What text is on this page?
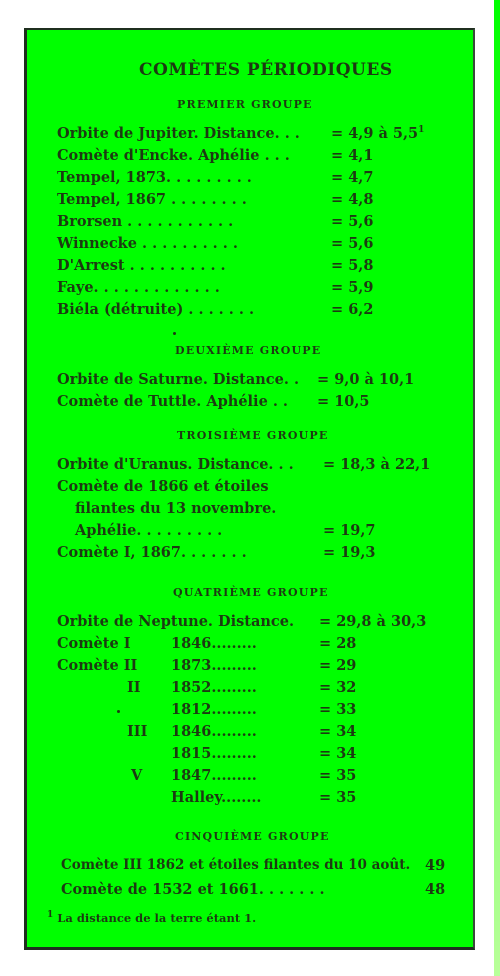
COMÈTES PÉRIODIQUES
PREMIER GROUPE
Orbite de Jupiter. Distance. . . = 4,9 à $5,5^1$
Comète d'Encke. Aphélie . . .	= 4,1
Tempel, 1873. . . . . . . . .	= 4,7
Tempel, 1867 . . . . . . . .	= 4,8
Brorsen . . . . . . . . . . .	= 5,6
Winnecke . . . . . . . . . .	= 5,6
D'Arrest . . . . . . . . . .	= 5,8
Faye. . . . . . . . . . . . .	= 5,9
Biéla (détruite) . . . . . . .	= 6,2
DEUXIÈME GROUPE
Orbite de Saturne. Distance. . = 9,0 à 10,1
Comète de Tuttle. Aphélie . . = 10,5
TROISIÈME GROUPE
Orbite d'Uranus. Distance. . . = 18,3 à 22,1
Comète de 1866 et étoiles
filantes du 13 novembre.
Aphélie. . . . . . . . .	= 19,7
Comète I, 1867. . . . . . .	= 19,3
QUATRIÈME GROUPE
Orbite de Neptune. Distance. = 29,8 à 30,3
Comète I	1846.........	= 28
Comète II 1873.........	= 29
II 1852.........	= 32
1812.........	= 33
III 1846.........	= 34
1815.........	= 34
V 1847.........	= 35
Halley........	= 35
CINQUIÈME GROUPE
Comète III 1862 et étoiles filantes du 10 août. 49
Comète de 1532 et 1661. . . . . . .	48
$^1$ La distance de la terre étant 1.
